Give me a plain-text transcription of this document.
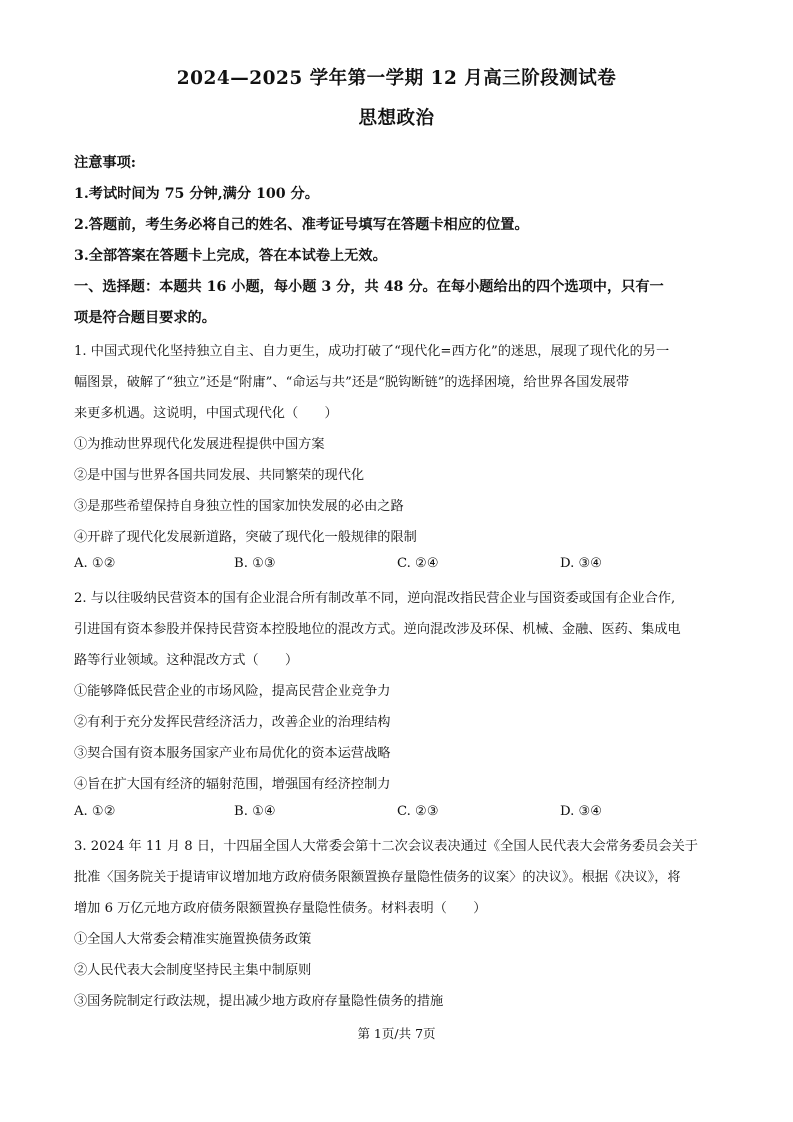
2024—2025 学年第一学期 12 月高三阶段测试卷
思想政治
注意事项:
1.考试时间为 75 分钟,满分 100 分。
2.答题前，考生务必将自己的姓名、准考证号填写在答题卡相应的位置。
3.全部答案在答题卡上完成，答在本试卷上无效。
一、选择题：本题共 16 小题，每小题 3 分，共 48 分。在每小题给出的四个选项中，只有一
项是符合题目要求的。
1. 中国式现代化坚持独立自主、自力更生，成功打破了“现代化=西方化”的迷思，展现了现代化的另一
幅图景，破解了“独立”还是“附庸”、“命运与共”还是“脱钩断链”的选择困境，给世界各国发展带
来更多机遇。这说明，中国式现代化（　　）
①为推动世界现代化发展进程提供中国方案
②是中国与世界各国共同发展、共同繁荣的现代化
③是那些希望保持自身独立性的国家加快发展的必由之路
④开辟了现代化发展新道路，突破了现代化一般规律的限制
A. ①②	B. ①③	C. ②④	D. ③④
2. 与以往吸纳民营资本的国有企业混合所有制改革不同，逆向混改指民营企业与国资委或国有企业合作,
引进国有资本参股并保持民营资本控股地位的混改方式。逆向混改涉及环保、机械、金融、医药、集成电
路等行业领域。这种混改方式（　　）
①能够降低民营企业的市场风险，提高民营企业竞争力
②有利于充分发挥民营经济活力，改善企业的治理结构
③契合国有资本服务国家产业布局优化的资本运营战略
④旨在扩大国有经济的辐射范围，增强国有经济控制力
A. ①②	B. ①④	C. ②③	D. ③④
3. 2024 年 11 月 8 日，十四届全国人大常委会第十二次会议表决通过《全国人民代表大会常务委员会关于
批准〈国务院关于提请审议增加地方政府债务限额置换存量隐性债务的议案〉的决议》。根据《决议》，将
增加 6 万亿元地方政府债务限额置换存量隐性债务。材料表明（　　）
①全国人大常委会精准实施置换债务政策
②人民代表大会制度坚持民主集中制原则
③国务院制定行政法规，提出减少地方政府存量隐性债务的措施
第 1页/共 7页
